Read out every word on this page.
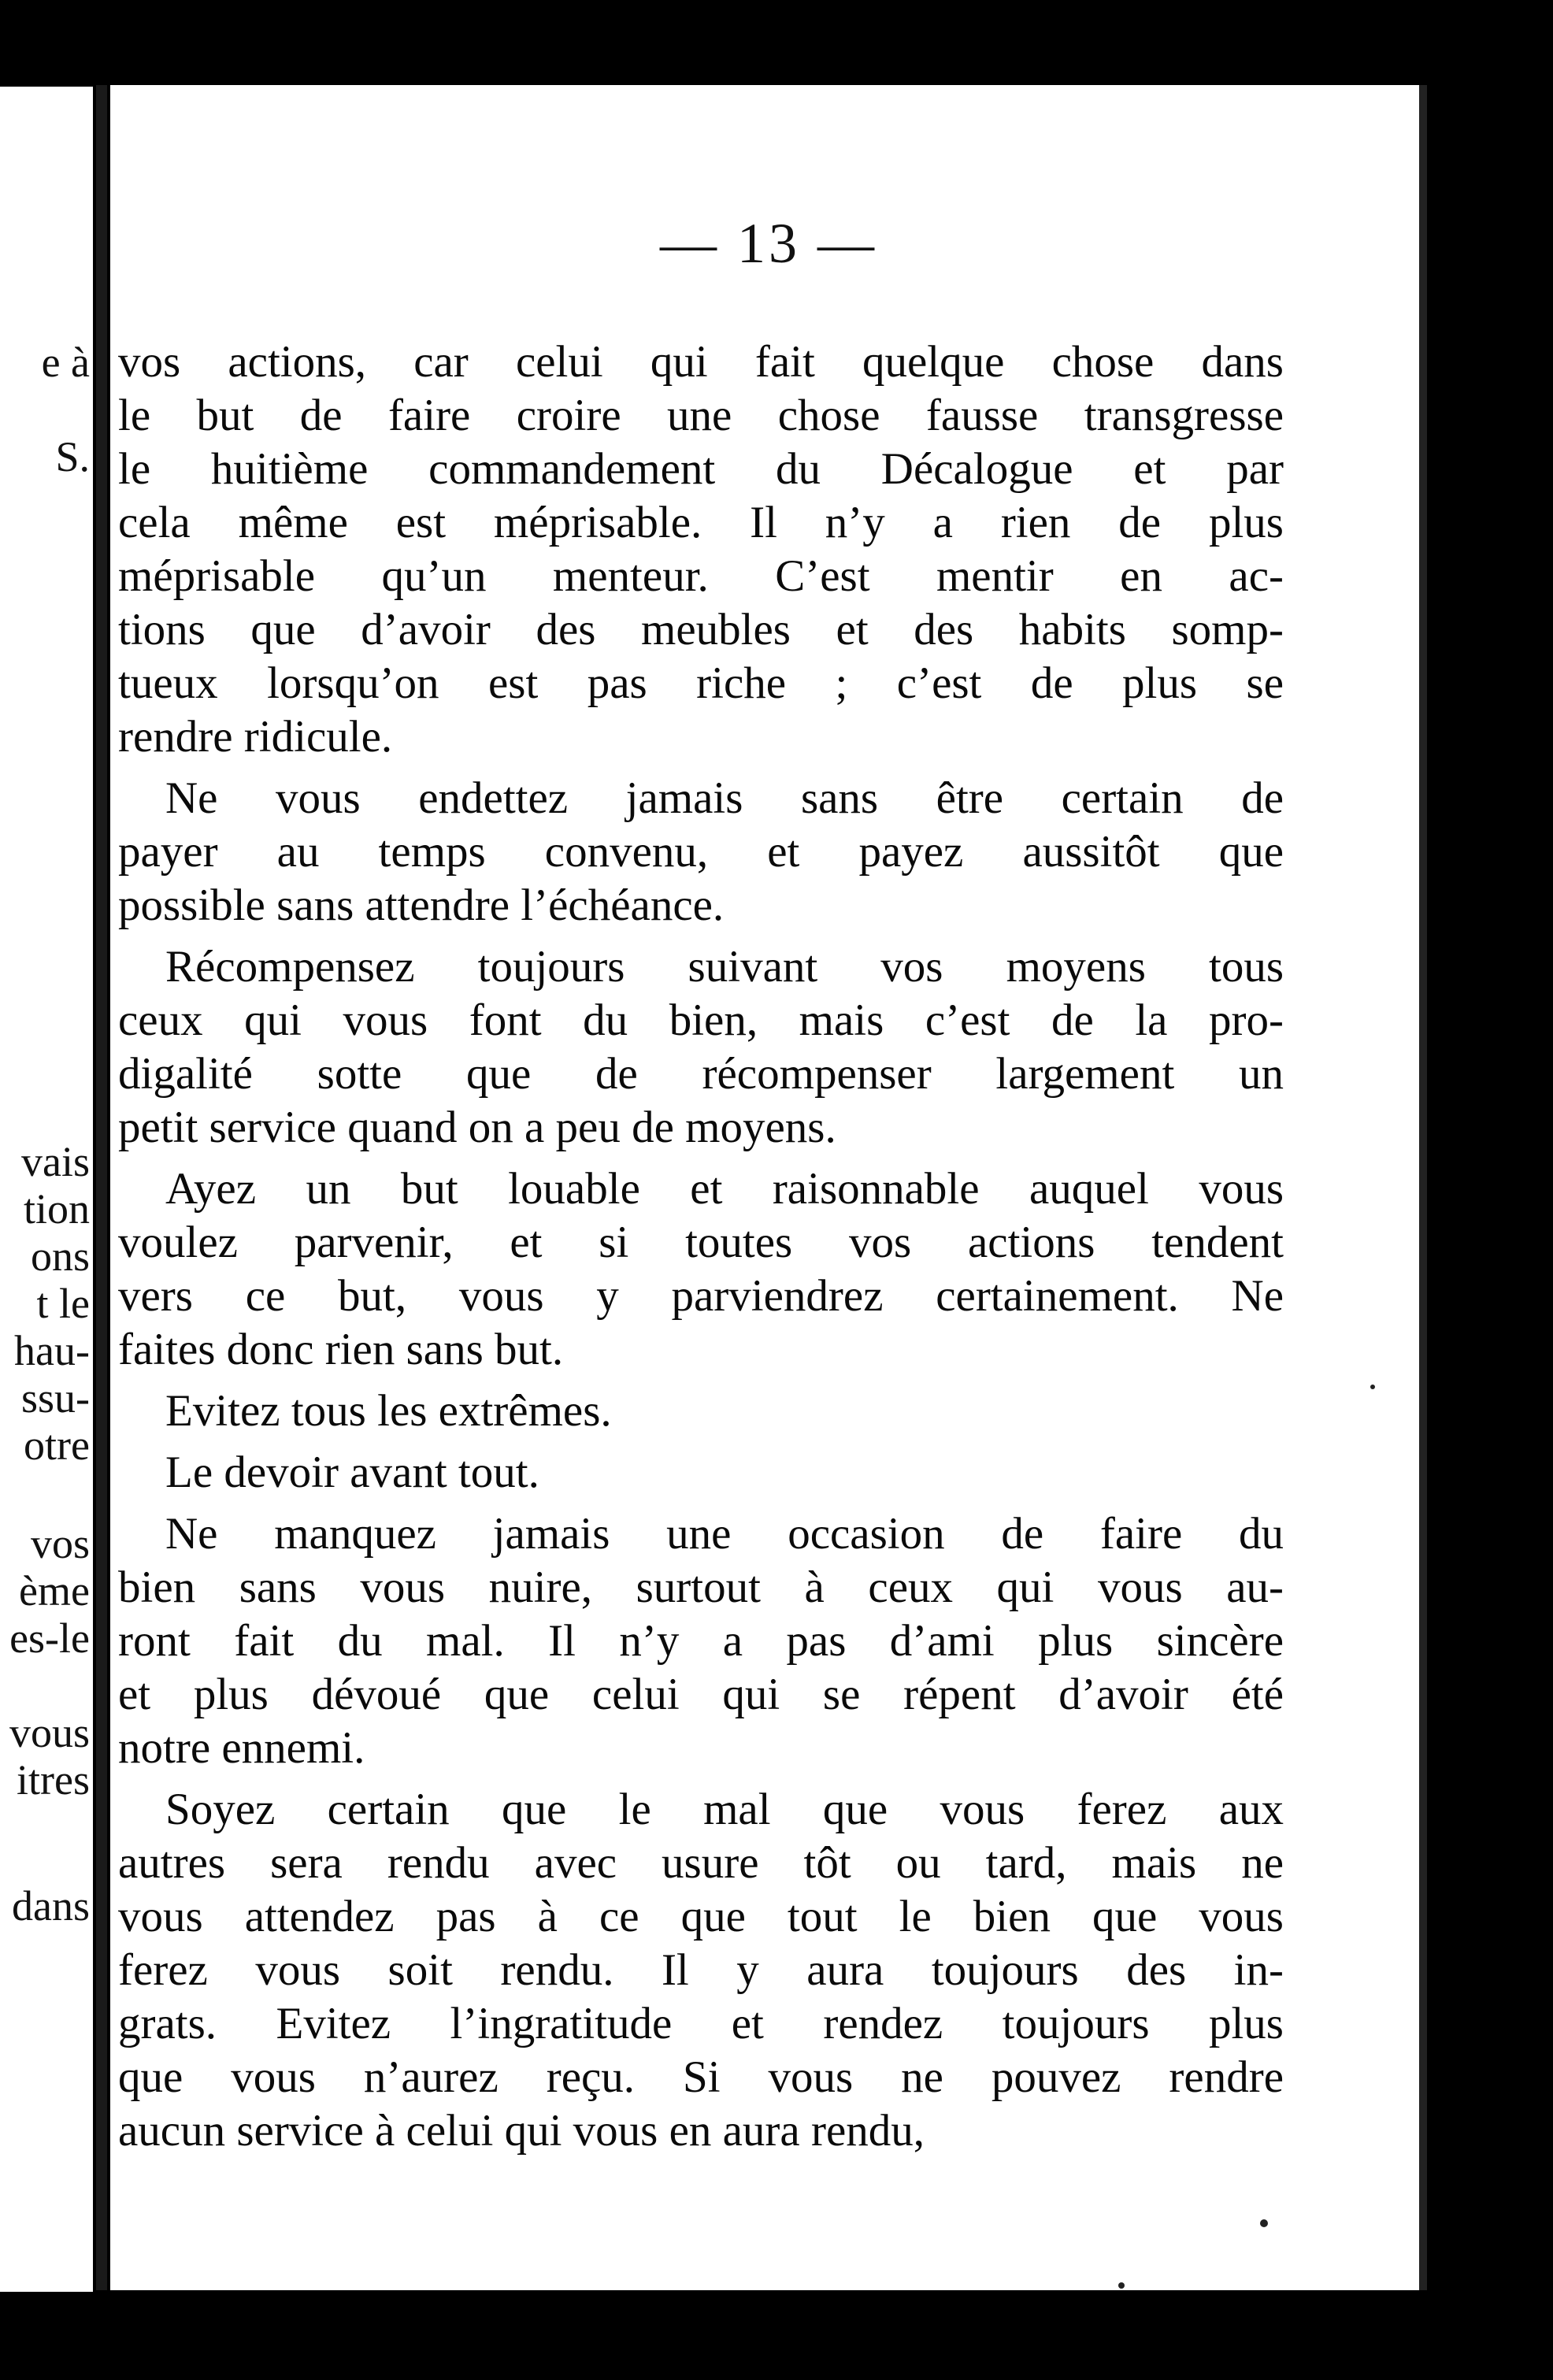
e à
S.
vais
tion
ons
t le
hau-
ssu-
otre
vos
ème
es-le
vous
itres
dans
— 13 —
vos actions, car celui qui fait quelque chose dans
le but de faire croire une chose fausse transgresse
le huitième commandement du Décalogue et par
cela même est méprisable. Il n’y a rien de plus
méprisable qu’un menteur. C’est mentir en ac-
tions que d’avoir des meubles et des habits somp-
tueux lorsqu’on est pas riche ; c’est de plus se
rendre ridicule.
Ne vous endettez jamais sans être certain de
payer au temps convenu, et payez aussitôt que
possible sans attendre l’échéance.
Récompensez toujours suivant vos moyens tous
ceux qui vous font du bien, mais c’est de la pro-
digalité sotte que de récompenser largement un
petit service quand on a peu de moyens.
Ayez un but louable et raisonnable auquel vous
voulez parvenir, et si toutes vos actions tendent
vers ce but, vous y parviendrez certainement. Ne
faites donc rien sans but.
Evitez tous les extrêmes.
Le devoir avant tout.
Ne manquez jamais une occasion de faire du
bien sans vous nuire, surtout à ceux qui vous au-
ront fait du mal. Il n’y a pas d’ami plus sincère
et plus dévoué que celui qui se répent d’avoir été
notre ennemi.
Soyez certain que le mal que vous ferez aux
autres sera rendu avec usure tôt ou tard, mais ne
vous attendez pas à ce que tout le bien que vous
ferez vous soit rendu. Il y aura toujours des in-
grats. Evitez l’ingratitude et rendez toujours plus
que vous n’aurez reçu. Si vous ne pouvez rendre
aucun service à celui qui vous en aura rendu,
